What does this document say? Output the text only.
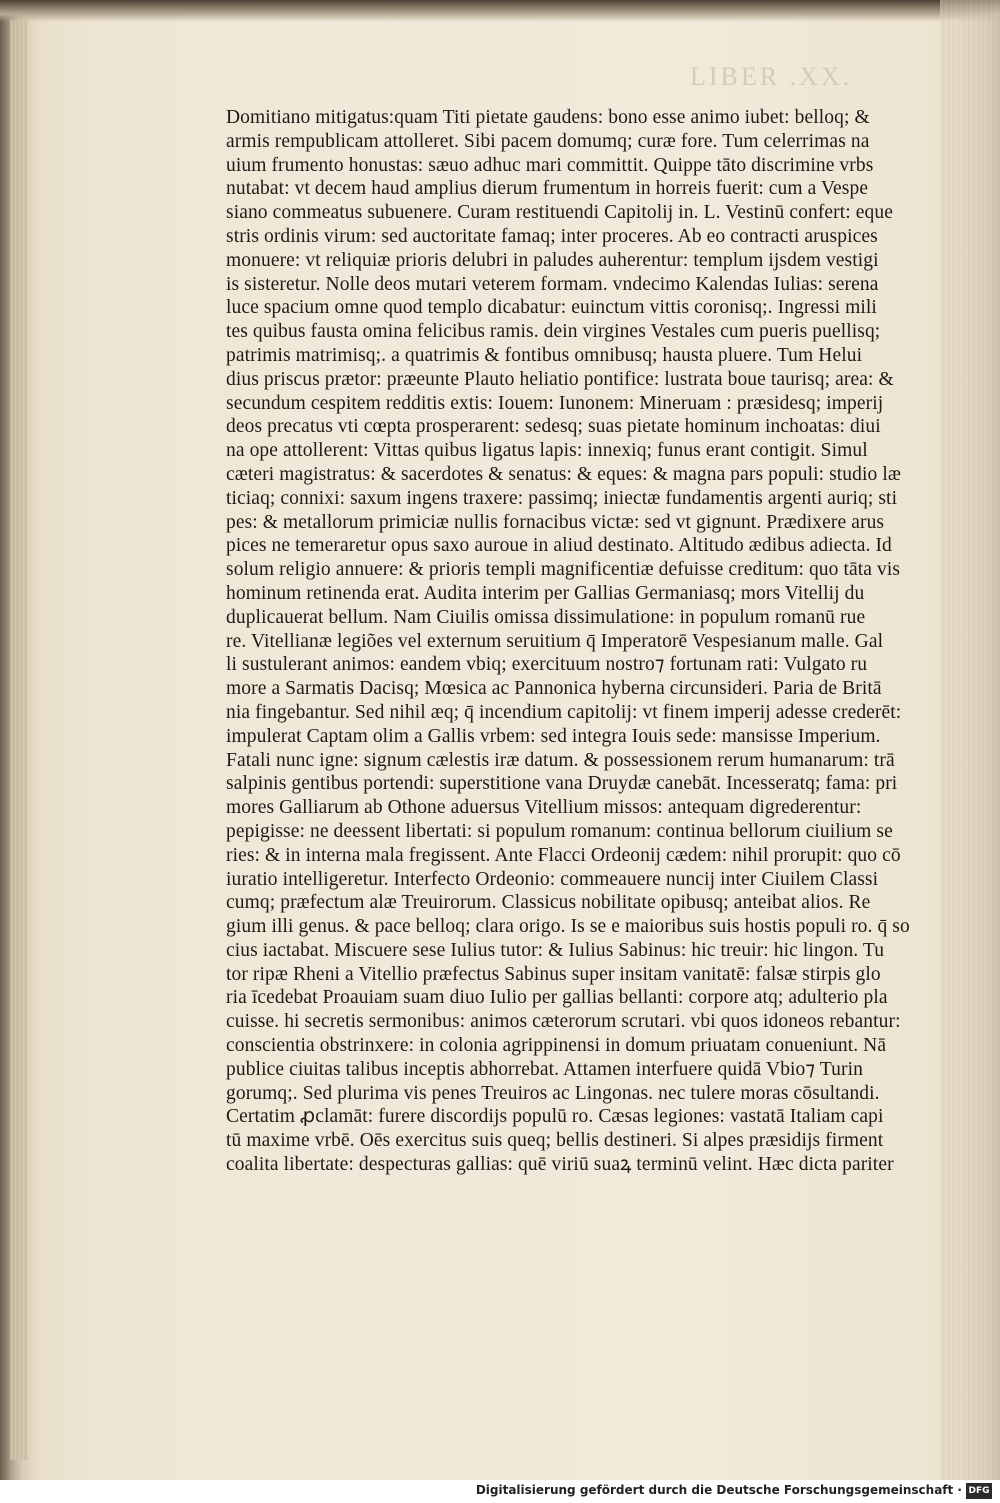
LIBER .XX.
Domitiano mitigatus:quam Titi pietate gaudens: bono esse animo iubet: belloq; &
armis rempublicam attolleret. Sibi pacem domumq; curæ fore. Tum celerrimas na
uium frumento honustas: sæuo adhuc mari committit. Quippe tāto discrimine vrbs
nutabat: vt decem haud amplius dierum frumentum in horreis fuerit: cum a Vespe
siano commeatus subuenere. Curam restituendi Capitolij in. L. Vestinū confert: eque
stris ordinis virum: sed auctoritate famaq; inter proceres. Ab eo contracti aruspices
monuere: vt reliquiæ prioris delubri in paludes auherentur: templum ijsdem vestigi
is sisteretur. Nolle deos mutari veterem formam. vndecimo Kalendas Iulias: serena
luce spacium omne quod templo dicabatur: euinctum vittis coronisq;. Ingressi mili
tes quibus fausta omina felicibus ramis. dein virgines Vestales cum pueris puellisq;
patrimis matrimisq;. a quatrimis & fontibus omnibusq; hausta pluere. Tum Helui
dius priscus prætor: præeunte Plauto heliatio pontifice: lustrata boue taurisq; area: &
secundum cespitem redditis extis: Iouem: Iunonem: Mineruam : præsidesq; imperij
deos precatus vti cœpta prosperarent: sedesq; suas pietate hominum inchoatas: diui
na ope attollerent: Vittas quibus ligatus lapis: innexiq; funus erant contigit. Simul
cæteri magistratus: & sacerdotes & senatus: & eques: & magna pars populi: studio læ
ticiaq; connixi: saxum ingens traxere: passimq; iniectæ fundamentis argenti auriq; sti
pes: & metallorum primiciæ nullis fornacibus victæ: sed vt gignunt. Prædixere arus
pices ne temeraretur opus saxo auroue in aliud destinato. Altitudo ædibus adiecta. Id
solum religio annuere: & prioris templi magnificentiæ defuisse creditum: quo tāta vis
hominum retinenda erat. Audita interim per Gallias Germaniasq; mors Vitellij du
duplicauerat bellum. Nam Ciuilis omissa dissimulatione: in populum romanū rue
re. Vitellianæ legiões vel externum seruitium q̄ Imperatorē Vespesianum malle. Gal
li sustulerant animos: eandem vbiq; exercituum nostro⁊ fortunam rati: Vulgato ru
more a Sarmatis Dacisq; Mœsica ac Pannonica hyberna circunsideri. Paria de Britā
nia fingebantur. Sed nihil æq; q̄ incendium capitolij: vt finem imperij adesse crederēt:
impulerat Captam olim a Gallis vrbem: sed integra Iouis sede: mansisse Imperium.
Fatali nunc igne: signum cælestis iræ datum. & possessionem rerum humanarum: trā
salpinis gentibus portendi: superstitione vana Druydæ canebāt. Incesseratq; fama: pri
mores Galliarum ab Othone aduersus Vitellium missos: antequam digrederentur:
pepigisse: ne deessent libertati: si populum romanum: continua bellorum ciuilium se
ries: & in interna mala fregissent. Ante Flacci Ordeonij cædem: nihil prorupit: quo cō
iuratio intelligeretur. Interfecto Ordeonio: commeauere nuncij inter Ciuilem Classi
cumq; præfectum alæ Treuirorum. Classicus nobilitate opibusq; anteibat alios. Re
gium illi genus. & pace belloq; clara origo. Is se e maioribus suis hostis populi ro. q̄ so
cius iactabat. Miscuere sese Iulius tutor: & Iulius Sabinus: hic treuir: hic lingon. Tu
tor ripæ Rheni a Vitellio præfectus Sabinus super insitam vanitatē: falsæ stirpis glo
ria īcedebat Proauiam suam diuo Iulio per gallias bellanti: corpore atq; adulterio pla
cuisse. hi secretis sermonibus: animos cæterorum scrutari. vbi quos idoneos rebantur:
conscientia obstrinxere: in colonia agrippinensi in domum priuatam conueniunt. Nā
publice ciuitas talibus inceptis abhorrebat. Attamen interfuere quidā Vbio⁊ Turin
gorumq;. Sed plurima vis penes Treuiros ac Lingonas. nec tulere moras cōsultandi.
Certatim ꝓclamāt: furere discordijs populū ro. Cæsas legiones: vastatā Italiam capi
tū maxime vrbē. Oēs exercitus suis queq; bellis destineri. Si alpes præsidijs firmentᷣ
coalita libertate: despecturas gallias: quē viriū suaꝝ terminū velint. Hæc dicta pariter
Digitalisierung gefördert durch die Deutsche Forschungsgemeinschaft · DFG
